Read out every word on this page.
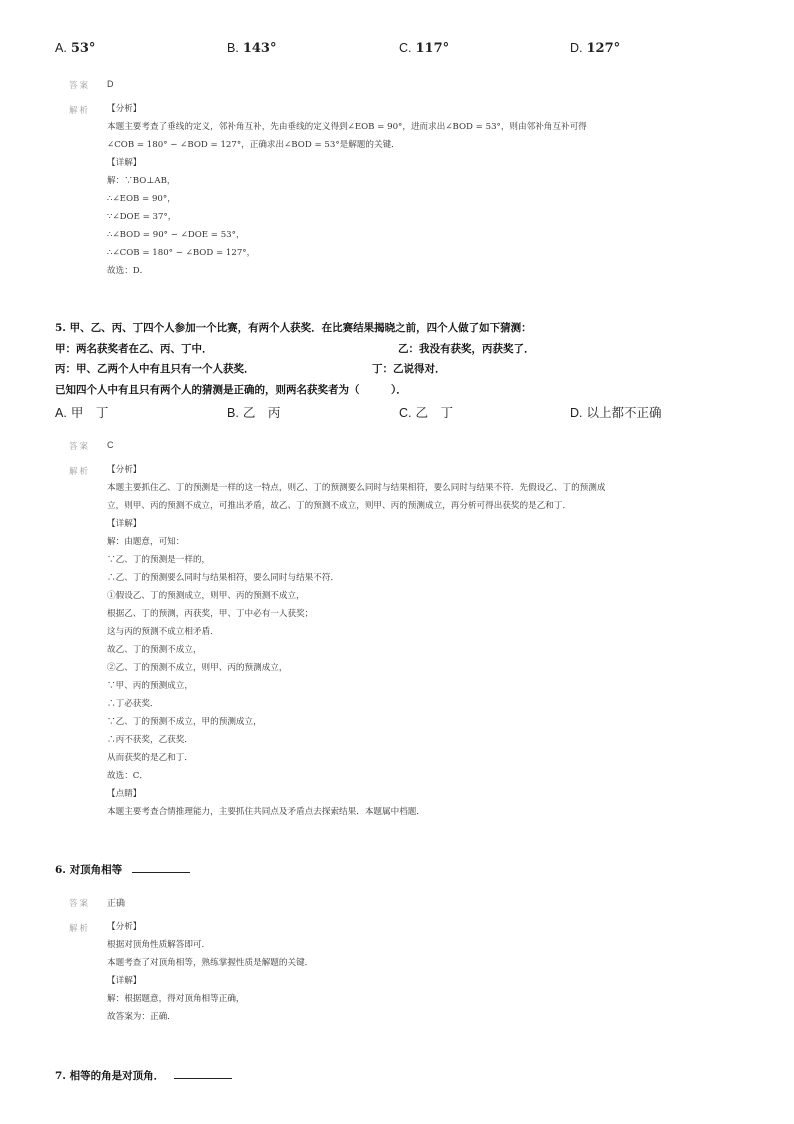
A. 53°	B. 143°	C. 117°	D. 127°
答案 D
解析 【分析】
本题主要考查了垂线的定义，邻补角互补，先由垂线的定义得到∠EOB = 90°，进而求出∠BOD = 53°，则由邻补角互补可得
∠COB = 180° − ∠BOD = 127°，正确求出∠BOD = 53°是解题的关键．
【详解】
解：∵BO⊥AB，
∴∠EOB = 90°，
∵∠DOE = 37°，
∴∠BOD = 90° − ∠DOE = 53°，
∴∠COB = 180° − ∠BOD = 127°，
故选：D．
5. 甲、乙、丙、丁四个人参加一个比赛，有两个人获奖．在比赛结果揭晓之前，四个人做了如下猜测：
甲：两名获奖者在乙、丙、丁中．	乙：我没有获奖，丙获奖了．
丙：甲、乙两个人中有且只有一个人获奖．	丁：乙说得对．
已知四个人中有且只有两个人的猜测是正确的，则两名获奖者为（　　　）．
A. 甲　丁	B. 乙　丙	C. 乙　丁	D. 以上都不正确
答案 C
解析 【分析】
本题主要抓住乙、丁的预测是一样的这一特点，则乙、丁的预测要么同时与结果相符，要么同时与结果不符．先假设乙、丁的预测成
立，则甲、丙的预测不成立，可推出矛盾，故乙、丁的预测不成立，则甲、丙的预测成立，再分析可得出获奖的是乙和丁．
【详解】
解：由题意，可知：
∵乙、丁的预测是一样的，
∴乙、丁的预测要么同时与结果相符，要么同时与结果不符．
①假设乙、丁的预测成立，则甲、丙的预测不成立，
根据乙、丁的预测，丙获奖，甲、丁中必有一人获奖；
这与丙的预测不成立相矛盾．
故乙、丁的预测不成立，
②乙、丁的预测不成立，则甲、丙的预测成立，
∵甲、丙的预测成立，
∴丁必获奖．
∵乙、丁的预测不成立，甲的预测成立，
∴丙不获奖，乙获奖．
从而获奖的是乙和丁．
故选：C．
【点睛】
本题主要考查合情推理能力，主要抓住共同点及矛盾点去探索结果．本题属中档题．
6. 对顶角相等
答案 正确
解析 【分析】
根据对顶角性质解答即可．
本题考查了对顶角相等，熟练掌握性质是解题的关键．
【详解】
解：根据题意，得对顶角相等正确，
故答案为：正确．
7. 相等的角是对顶角．
